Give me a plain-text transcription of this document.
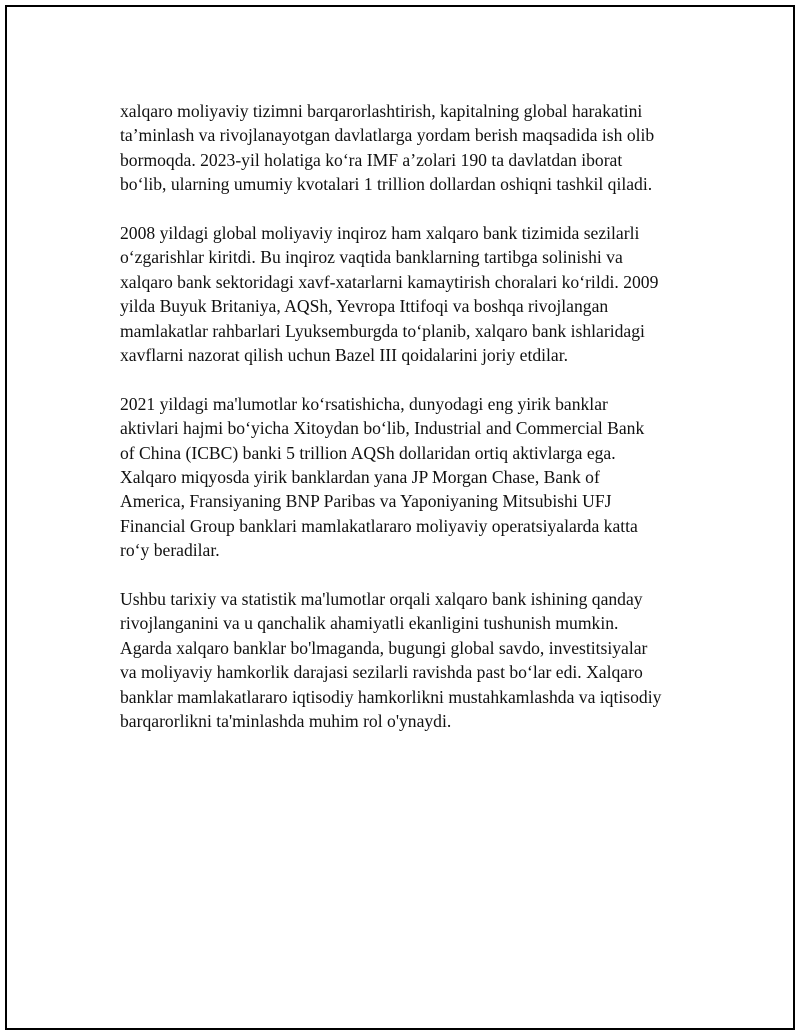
xalqaro moliyaviy tizimni barqarorlashtirish, kapitalning global harakatini
ta’minlash va rivojlanayotgan davlatlarga yordam berish maqsadida ish olib
bormoqda. 2023-yil holatiga ko‘ra IMF a’zolari 190 ta davlatdan iborat
bo‘lib, ularning umumiy kvotalari 1 trillion dollardan oshiqni tashkil qiladi.

2008 yildagi global moliyaviy inqiroz ham xalqaro bank tizimida sezilarli
o‘zgarishlar kiritdi. Bu inqiroz vaqtida banklarning tartibga solinishi va
xalqaro bank sektoridagi xavf-xatarlarni kamaytirish choralari ko‘rildi. 2009
yilda Buyuk Britaniya, AQSh, Yevropa Ittifoqi va boshqa rivojlangan
mamlakatlar rahbarlari Lyuksemburgda to‘planib, xalqaro bank ishlaridagi
xavflarni nazorat qilish uchun Bazel III qoidalarini joriy etdilar.

2021 yildagi ma'lumotlar ko‘rsatishicha, dunyodagi eng yirik banklar
aktivlari hajmi bo‘yicha Xitoydan bo‘lib, Industrial and Commercial Bank
of China (ICBC) banki 5 trillion AQSh dollaridan ortiq aktivlarga ega.
Xalqaro miqyosda yirik banklardan yana JP Morgan Chase, Bank of
America, Fransiyaning BNP Paribas va Yaponiyaning Mitsubishi UFJ
Financial Group banklari mamlakatlararo moliyaviy operatsiyalarda katta
ro‘y beradilar.

Ushbu tarixiy va statistik ma'lumotlar orqali xalqaro bank ishining qanday
rivojlanganini va u qanchalik ahamiyatli ekanligini tushunish mumkin.
Agarda xalqaro banklar bo'lmaganda, bugungi global savdo, investitsiyalar
va moliyaviy hamkorlik darajasi sezilarli ravishda past bo‘lar edi. Xalqaro
banklar mamlakatlararo iqtisodiy hamkorlikni mustahkamlashda va iqtisodiy
barqarorlikni ta'minlashda muhim rol o'ynaydi.
